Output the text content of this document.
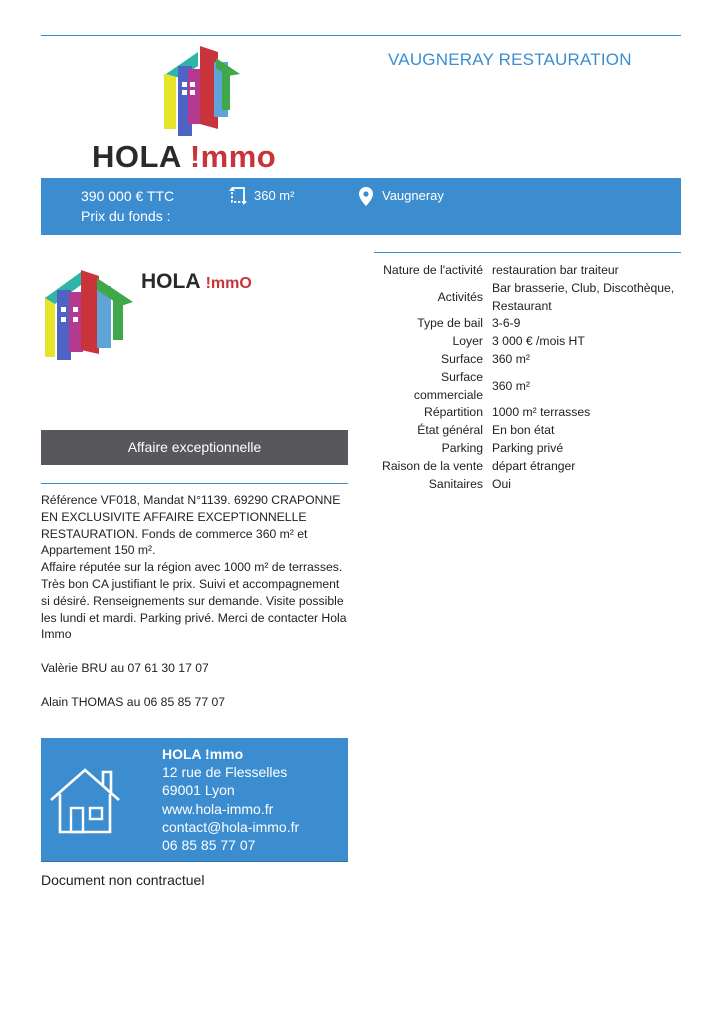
HOLA !mmo
VAUGNERAY RESTAURATION
390 000 € TTC
Prix du fonds :
360 m²	Vaugneray
HOLA !mmO
Affaire exceptionnelle

Référence VF018, Mandat N°1139. 69290 CRAPONNE EN EXCLUSIVITE AFFAIRE EXCEPTIONNELLE RESTAURATION. Fonds de commerce 360 m² et Appartement 150 m².
Affaire réputée sur la région avec 1000 m² de terrasses. Très bon CA justifiant le prix. Suivi et accompagnement si désiré. Renseignements sur demande. Visite possible les lundi et mardi. Parking privé. Merci de contacter Hola Immo

Valèrie BRU au 07 61 30 17 07
Alain THOMAS au 06 85 85 77 07
HOLA !mmo
12 rue de Flesselles
69001 Lyon
www.hola-immo.fr
contact@hola-immo.fr
06 85 85 77 07
Document non contractuel
Nature de l'activité restauration bar traiteur
Activités
Bar brasserie, Club, Discothèque, Restaurant
Type de bail 3-6-9
Loyer 3 000 € /mois HT
Surface 360 m²
Surface commerciale
360 m²
Répartition 1000 m² terrasses
État général En bon état
Parking Parking privé
Raison de la vente départ étranger
Sanitaires Oui
